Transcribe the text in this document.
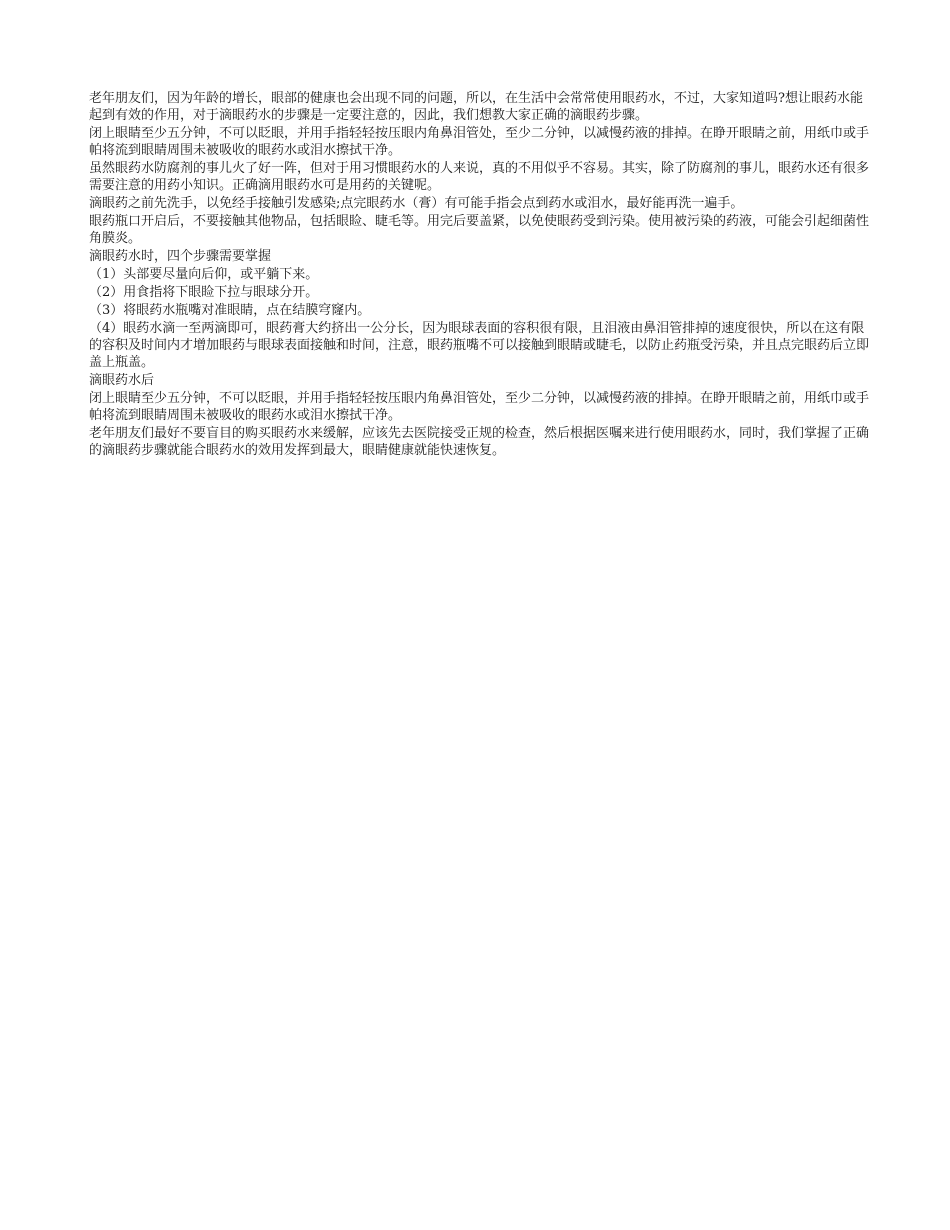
老年朋友们，因为年龄的增长，眼部的健康也会出现不同的问题，所以，在生活中会常常使用眼药水，不过，大家知道吗?想让眼药水能起到有效的作用，对于滴眼药水的步骤是一定要注意的，因此，我们想教大家正确的滴眼药步骤。

闭上眼睛至少五分钟，不可以眨眼，并用手指轻轻按压眼内角鼻泪管处，至少二分钟，以减慢药液的排掉。在睁开眼睛之前，用纸巾或手帕将流到眼睛周围未被吸收的眼药水或泪水擦拭干净。

虽然眼药水防腐剂的事儿火了好一阵，但对于用习惯眼药水的人来说，真的不用似乎不容易。其实，除了防腐剂的事儿，眼药水还有很多需要注意的用药小知识。正确滴用眼药水可是用药的关键呢。

滴眼药之前先洗手，以免经手接触引发感染;点完眼药水（膏）有可能手指会点到药水或泪水，最好能再洗一遍手。

眼药瓶口开启后，不要接触其他物品，包括眼睑、睫毛等。用完后要盖紧，以免使眼药受到污染。使用被污染的药液，可能会引起细菌性角膜炎。

滴眼药水时，四个步骤需要掌握

（1）头部要尽量向后仰，或平躺下来。

（2）用食指将下眼睑下拉与眼球分开。

（3）将眼药水瓶嘴对准眼睛，点在结膜穹窿内。

（4）眼药水滴一至两滴即可，眼药膏大约挤出一公分长，因为眼球表面的容积很有限，且泪液由鼻泪管排掉的速度很快，所以在这有限的容积及时间内才增加眼药与眼球表面接触和时间，注意，眼药瓶嘴不可以接触到眼睛或睫毛，以防止药瓶受污染，并且点完眼药后立即盖上瓶盖。

滴眼药水后

闭上眼睛至少五分钟，不可以眨眼，并用手指轻轻按压眼内角鼻泪管处，至少二分钟，以减慢药液的排掉。在睁开眼睛之前，用纸巾或手帕将流到眼睛周围未被吸收的眼药水或泪水擦拭干净。

老年朋友们最好不要盲目的购买眼药水来缓解，应该先去医院接受正规的检查，然后根据医嘱来进行使用眼药水，同时，我们掌握了正确的滴眼药步骤就能合眼药水的效用发挥到最大，眼睛健康就能快速恢复。
